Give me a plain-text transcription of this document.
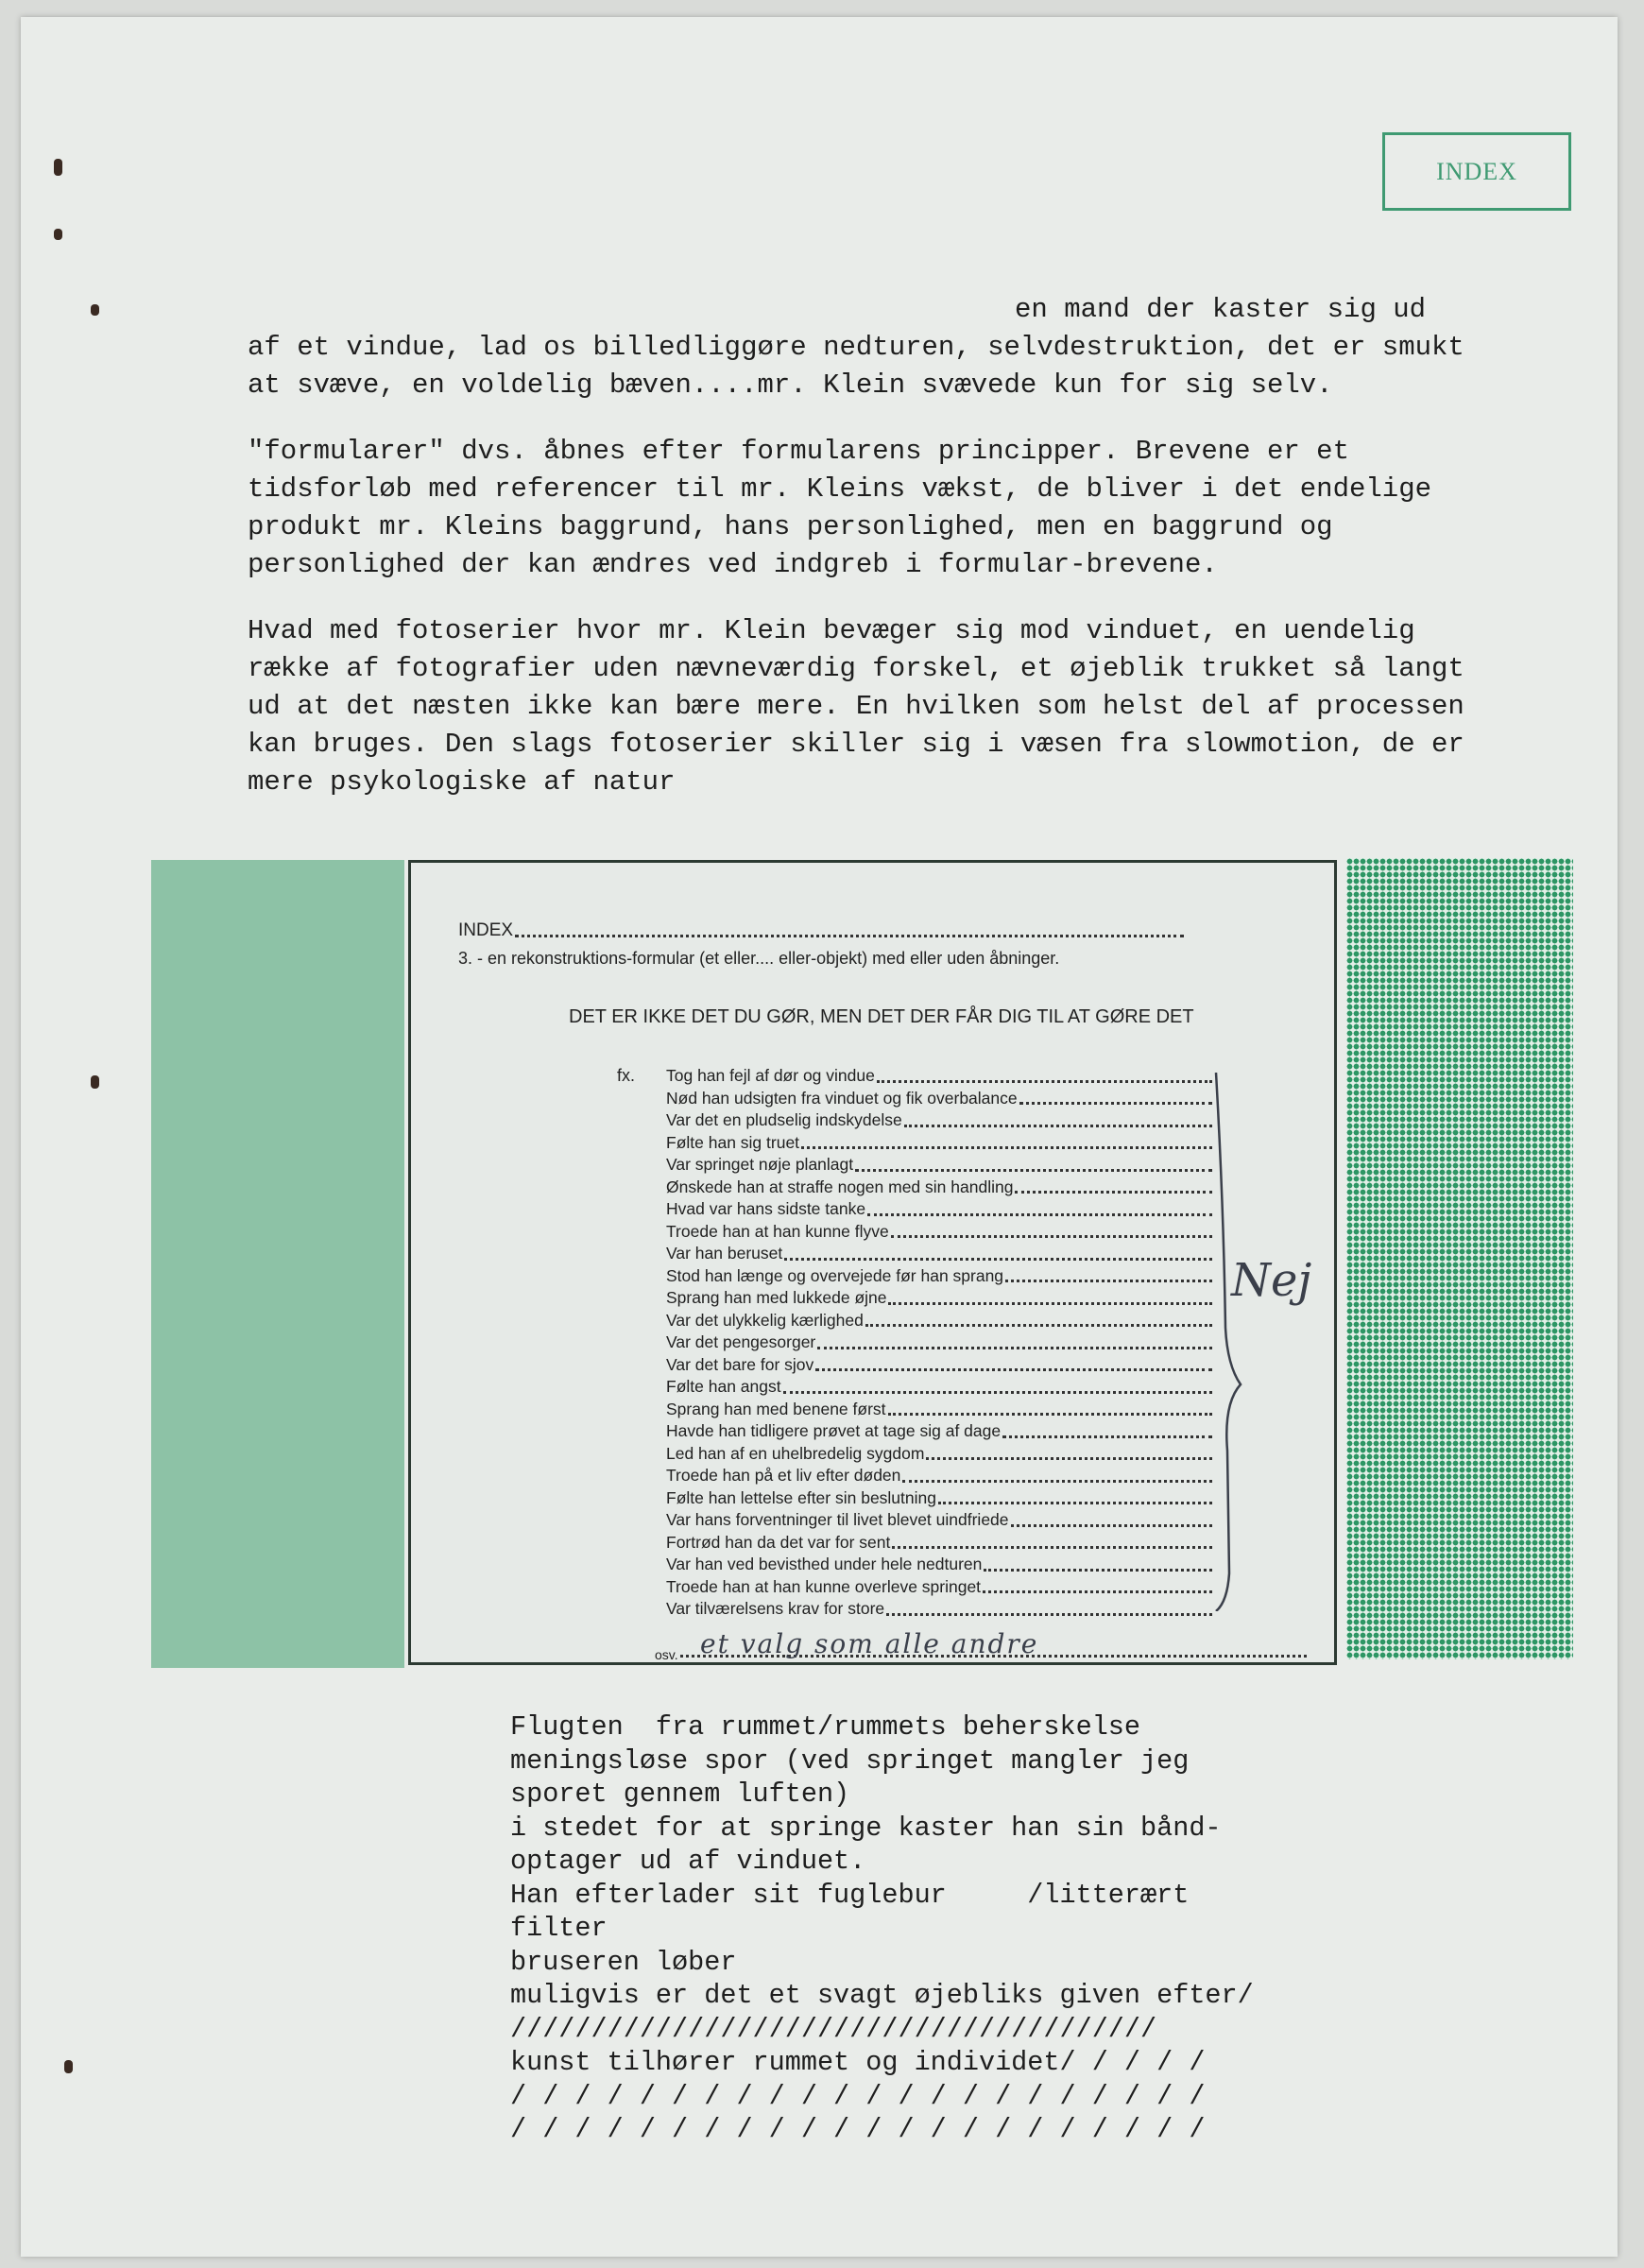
INDEX

en mand der kaster sig ud
af et vindue, lad os billedliggøre nedturen, selvdestruktion, det er smukt at svæve, en voldelig bæven....mr. Klein svævede kun for sig selv.

"formularer" dvs. åbnes efter formularens principper. Brevene er et tidsforløb med referencer til mr. Kleins vækst, de bliver i det endelige produkt mr. Kleins baggrund, hans personlighed, men en baggrund og personlighed der kan ændres ved indgreb i formular-brevene.

Hvad med fotoserier hvor mr. Klein bevæger sig mod vinduet, en uendelig række af fotografier uden nævneværdig forskel, et øjeblik trukket så langt ud at det næsten ikke kan bære mere. En hvilken som helst del af processen kan bruges. Den slags fotoserier skiller sig i væsen fra slowmotion, de er mere psykologiske af natur

INDEX
3. - en rekonstruktions-formular (et eller.... eller-objekt) med eller uden åbninger.
DET ER IKKE DET DU GØR, MEN DET DER FÅR DIG TIL AT GØRE DET
fx. Tog han fejl af dør og vindue
Nød han udsigten fra vinduet og fik overbalance
Var det en pludselig indskydelse
Følte han sig truet
Var springet nøje planlagt
Ønskede han at straffe nogen med sin handling
Hvad var hans sidste tanke
Troede han at han kunne flyve
Var han beruset
Stod han længe og overvejede før han sprang
Sprang han med lukkede øjne
Var det ulykkelig kærlighed
Var det pengesorger
Var det bare for sjov
Følte han angst
Sprang han med benene først
Havde han tidligere prøvet at tage sig af dage
Led han af en uhelbredelig sygdom
Troede han på et liv efter døden
Følte han lettelse efter sin beslutning
Var hans forventninger til livet blevet uindfriede
Fortrød han da det var for sent
Var han ved bevisthed under hele nedturen
Troede han at han kunne overleve springet
Var tilværelsens krav for store
Nej
osv. et valg som alle andre
Flugten  fra rummet/rummets beherskelse
meningsløse spor (ved springet mangler jeg
sporet gennem luften)
i stedet for at springe kaster han sin bånd-
optager ud af vinduet.
Han efterlader sit fuglebur     /litterært
filter
bruseren løber
muligvis er det et svagt øjebliks given efter/
////////////////////////////////////////
kunst tilhører rummet og individet/ / / / /
/ / / / / / / / / / / / / / / / / / / / / /
/ / / / / / / / / / / / / / / / / / / / / /
